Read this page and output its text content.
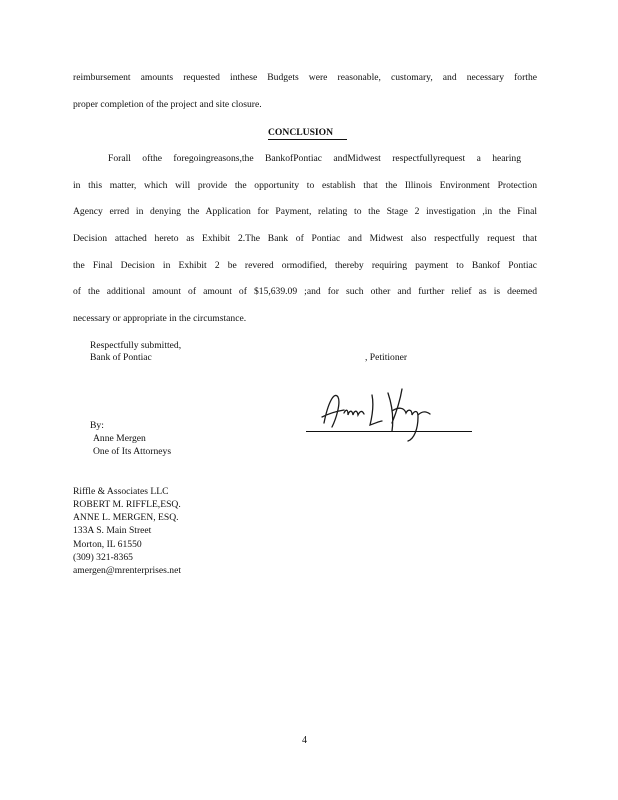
reimbursement amounts requested inthese Budgets were reasonable, customary, and necessary forthe
proper completion of the project and site closure.
CONCLUSION
Forall ofthe foregoingreasons,the BankofPontiac andMidwest respectfullyrequest a hearing
in this matter, which will provide the opportunity to establish that the Illinois Environment Protection
Agency erred in denying the Application for Payment, relating to the Stage 2 investigation ,in the Final
Decision attached hereto as Exhibit 2.The Bank of Pontiac and Midwest also respectfully request that
the Final Decision in Exhibit 2 be revered ormodified, thereby requiring payment to Bankof Pontiac
of the additional amount of amount of $15,639.09 ;and for such other and further relief as is deemed
necessary or appropriate in the circumstance.
Respectfully submitted,
Bank of Pontiac	, Petitioner
By:
Anne Mergen
One of Its Attorneys
Riffle & Associates LLC
ROBERT M. RIFFLE,ESQ.
ANNE L. MERGEN, ESQ.
133A S. Main Street
Morton, IL 61550
(309) 321-8365
amergen@mrenterprises.net
4
